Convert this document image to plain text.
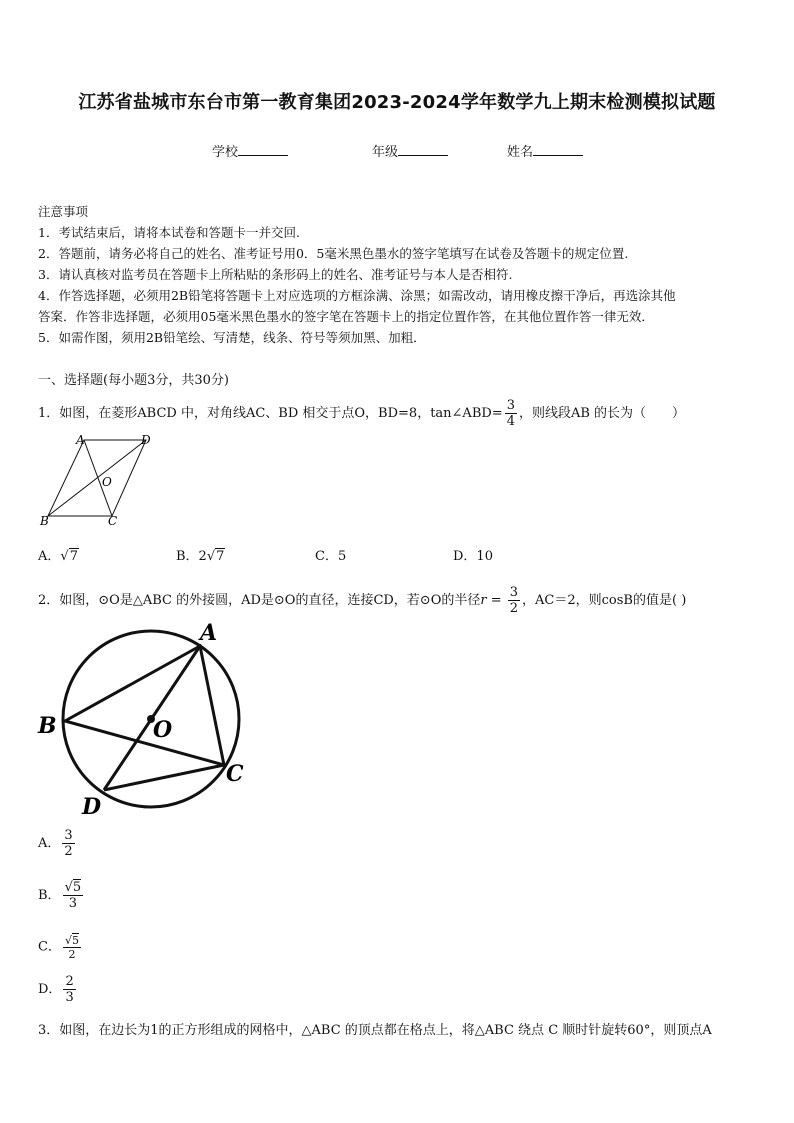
江苏省盐城市东台市第一教育集团2023-2024学年数学九上期末检测模拟试题
学校	年级	姓名
注意事项
1．考试结束后，请将本试卷和答题卡一并交回.
2．答题前，请务必将自己的姓名、准考证号用0．5毫米黑色墨水的签字笔填写在试卷及答题卡的规定位置.
3．请认真核对监考员在答题卡上所粘贴的条形码上的姓名、准考证号与本人是否相符.
4．作答选择题，必须用2B铅笔将答题卡上对应选项的方框涂满、涂黑；如需改动，请用橡皮擦干净后，再选涂其他
答案．作答非选择题，必须用05毫米黑色墨水的签字笔在答题卡上的指定位置作答，在其他位置作答一律无效．
5．如需作图，须用2B铅笔绘、写清楚，线条、符号等须加黑、加粗．
一、选择题(每小题3分，共30分)
1．如图，在菱形ABCD 中，对角线AC、BD 相交于点O，BD=8，tan∠ABD= $\frac{3}{4}$ ，则线段AB 的长为（　　）
A	D
B	C
O
A．√7	B．2√7	C．5	D．10
2．如图，⊙O是△ABC 的外接圆，AD是⊙O的直径，连接CD，若⊙O的半径$r = \frac{3}{2}$ ，AC＝2，则cosB的值是( )
A
B
C
D
O
A． $\frac{3}{2}$
B． $\frac{√5}{3}$
C． $\frac{√5}{2}$
D． $\frac{2}{3}$
3．如图，在边长为1的正方形组成的网格中，△ABC 的顶点都在格点上，将△ABC 绕点 C 顺时针旋转60°，则顶点A
